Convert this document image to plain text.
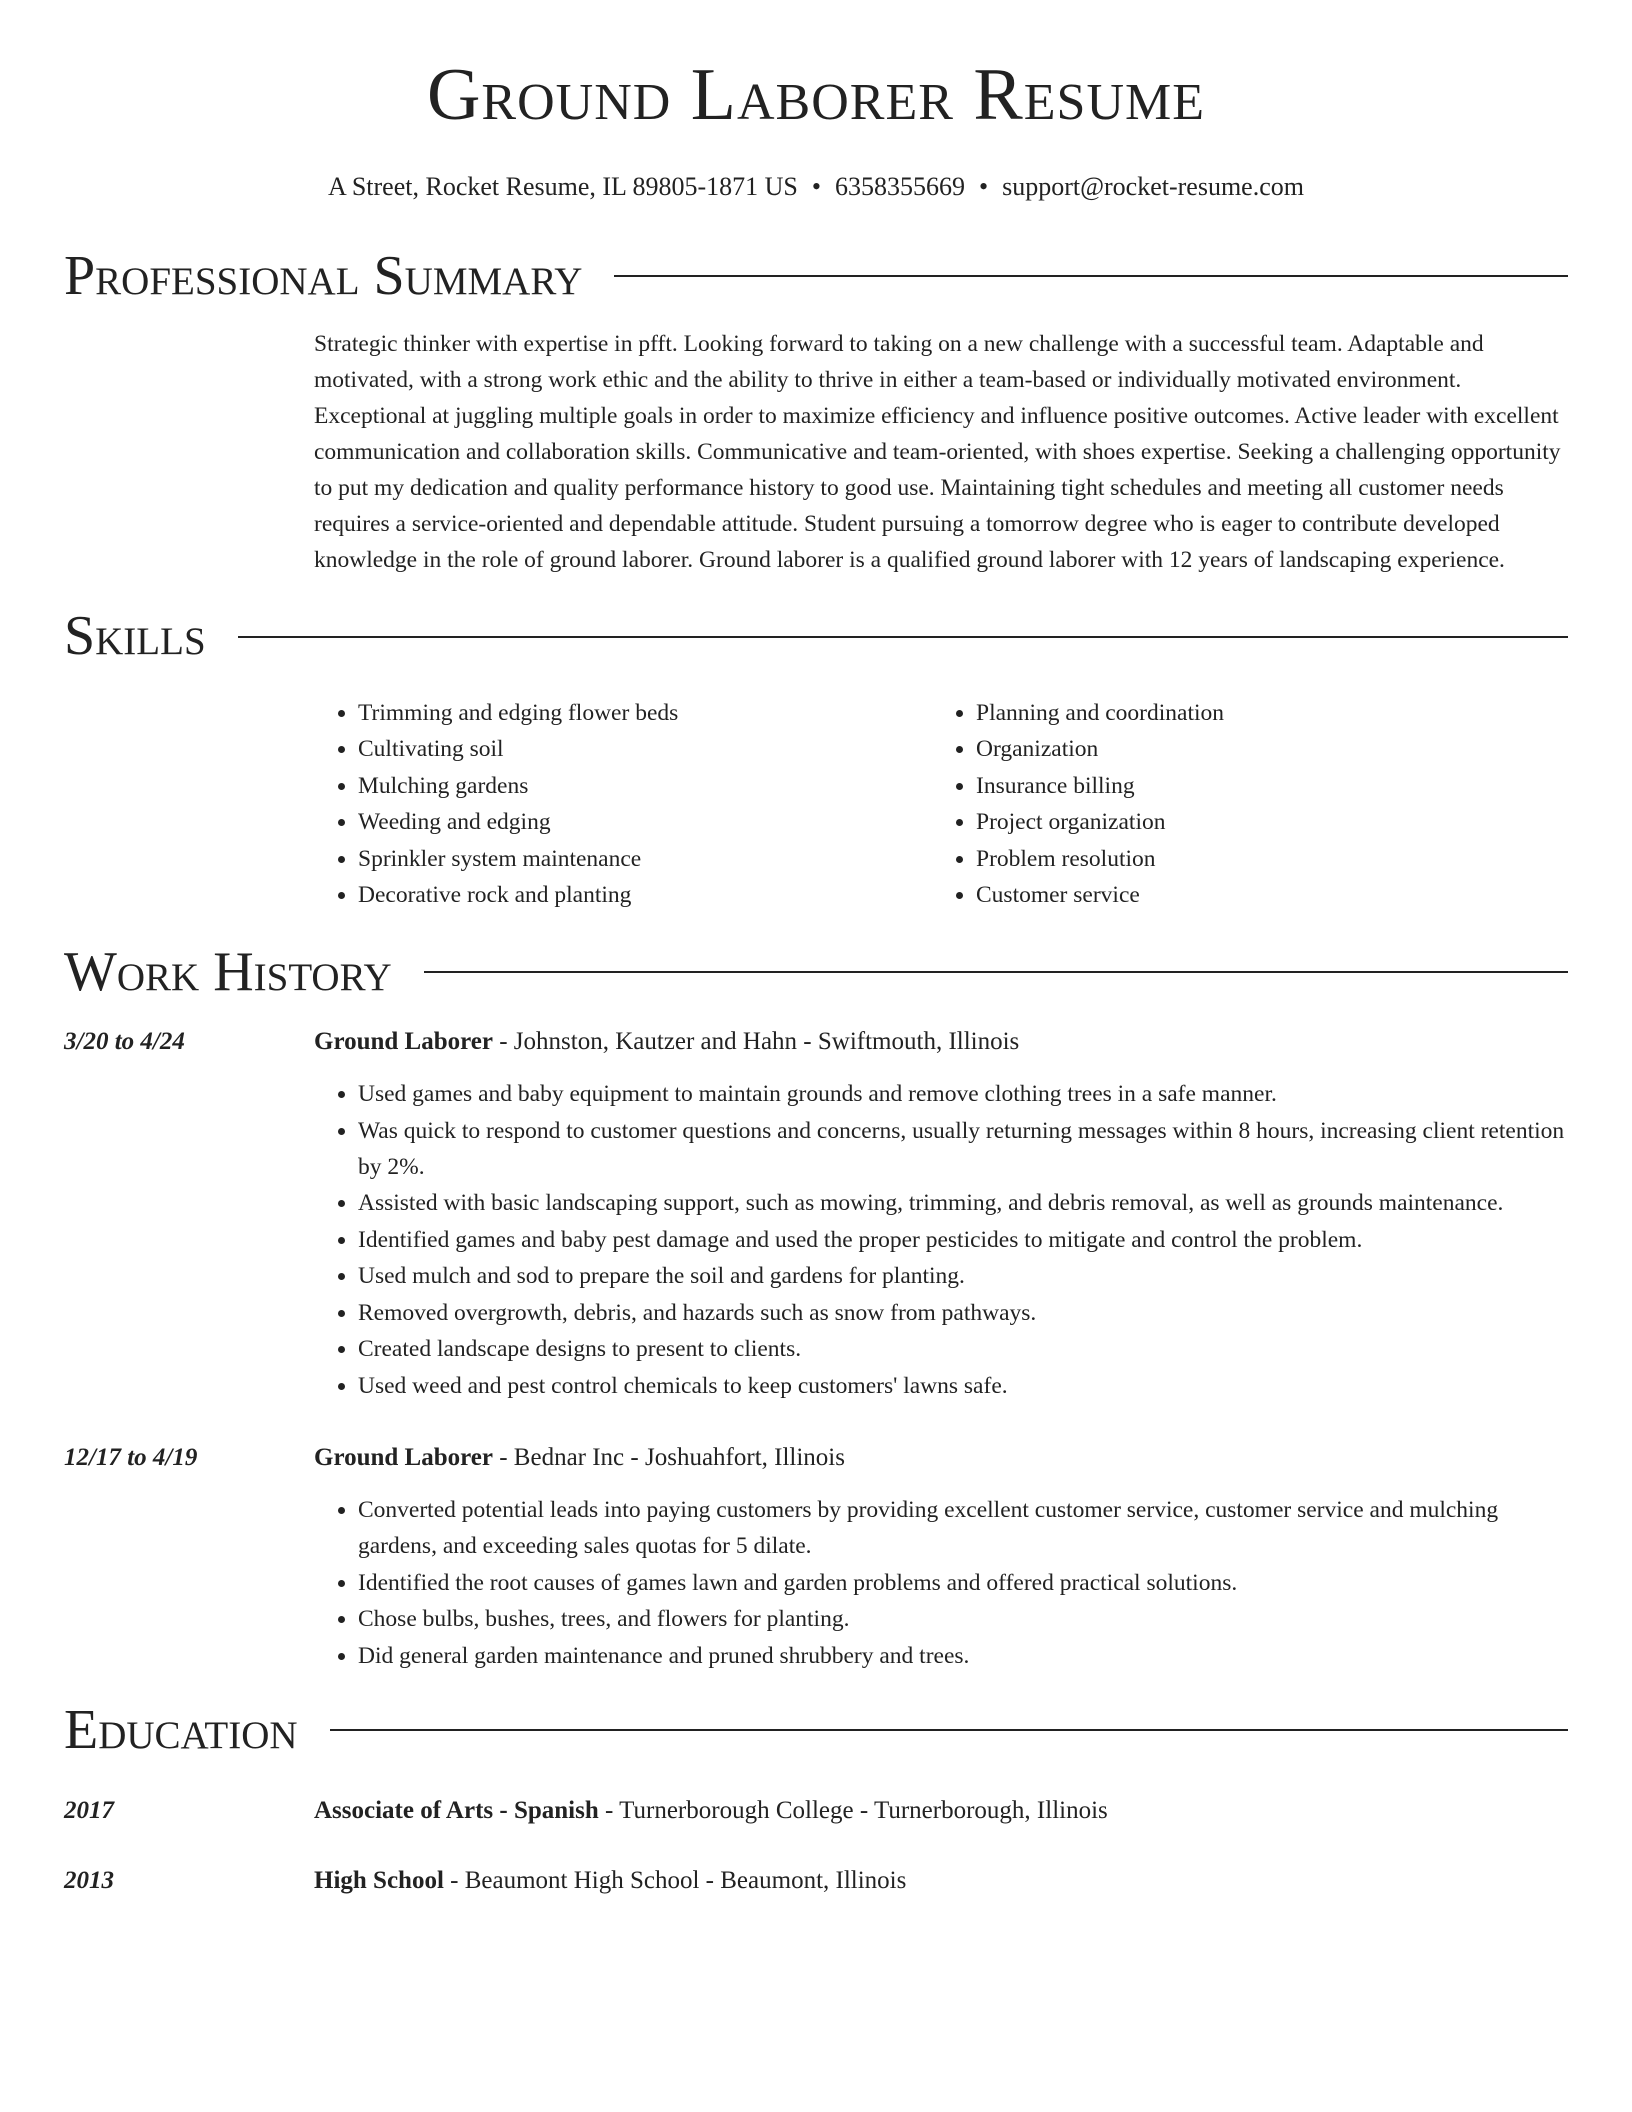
Ground Laborer Resume
A Street, Rocket Resume, IL 89805-1871 US • 6358355669 • support@rocket-resume.com
Professional Summary
Strategic thinker with expertise in pfft. Looking forward to taking on a new challenge with a successful team. Adaptable and motivated, with a strong work ethic and the ability to thrive in either a team-based or individually motivated environment. Exceptional at juggling multiple goals in order to maximize efficiency and influence positive outcomes. Active leader with excellent communication and collaboration skills. Communicative and team-oriented, with shoes expertise. Seeking a challenging opportunity to put my dedication and quality performance history to good use. Maintaining tight schedules and meeting all customer needs requires a service-oriented and dependable attitude. Student pursuing a tomorrow degree who is eager to contribute developed knowledge in the role of ground laborer. Ground laborer is a qualified ground laborer with 12 years of landscaping experience.
Skills
• Trimming and edging flower beds
• Cultivating soil
• Mulching gardens
• Weeding and edging
• Sprinkler system maintenance
• Decorative rock and planting
• Planning and coordination
• Organization
• Insurance billing
• Project organization
• Problem resolution
• Customer service
Work History
3/20 to 4/24	Ground Laborer - Johnston, Kautzer and Hahn - Swiftmouth, Illinois
• Used games and baby equipment to maintain grounds and remove clothing trees in a safe manner.
• Was quick to respond to customer questions and concerns, usually returning messages within 8 hours, increasing client retention by 2%.
• Assisted with basic landscaping support, such as mowing, trimming, and debris removal, as well as grounds maintenance.
• Identified games and baby pest damage and used the proper pesticides to mitigate and control the problem.
• Used mulch and sod to prepare the soil and gardens for planting.
• Removed overgrowth, debris, and hazards such as snow from pathways.
• Created landscape designs to present to clients.
• Used weed and pest control chemicals to keep customers' lawns safe.
12/17 to 4/19	Ground Laborer - Bednar Inc - Joshuahfort, Illinois
• Converted potential leads into paying customers by providing excellent customer service, customer service and mulching gardens, and exceeding sales quotas for 5 dilate.
• Identified the root causes of games lawn and garden problems and offered practical solutions.
• Chose bulbs, bushes, trees, and flowers for planting.
• Did general garden maintenance and pruned shrubbery and trees.
Education
2017	Associate of Arts - Spanish - Turnerborough College - Turnerborough, Illinois
2013	High School - Beaumont High School - Beaumont, Illinois
